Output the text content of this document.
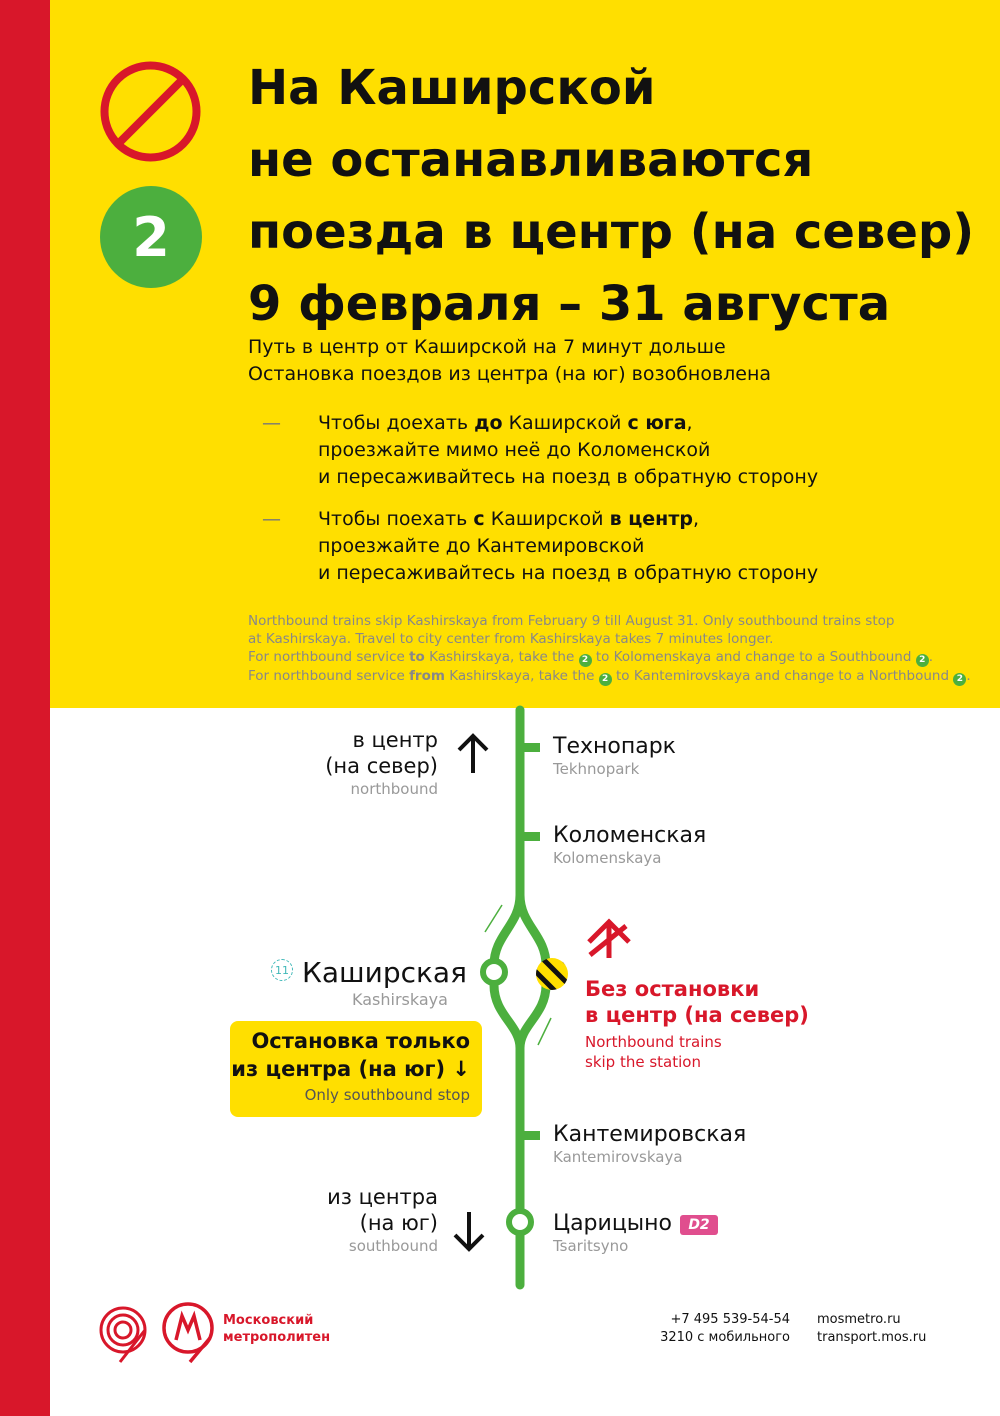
2
На Каширской
не останавливаются
поезда в центр (на север)
9 февраля – 31 августа
Путь в центр от Каширской на 7 минут дольше
Остановка поездов из центра (на юг) возобновлена
— Чтобы доехать до Каширской с юга,
проезжайте мимо неё до Коломенской
и пересаживайтесь на поезд в обратную сторону
— Чтобы поехать с Каширской в центр,
проезжайте до Кантемировской
и пересаживайтесь на поезд в обратную сторону
Northbound trains skip Kashirskaya from February 9 till August 31. Only southbound trains stop
at Kashirskaya. Travel to city center from Kashirskaya takes 7 minutes longer.
For northbound service to Kashirskaya, take the 2 to Kolomenskaya and change to a Southbound 2 .
For northbound service from Kashirskaya, take the 2 to Kantemirovskaya and change to a Northbound 2 .
в центр
(на север)
northbound
из центра
(на юг)
southbound
Технопарк
Tekhnopark
Коломенская
Kolomenskaya
Кантемировская
Kantemirovskaya
Царицыно
Tsaritsyno
D2
11 Каширская
Kashirskaya
Остановка только
из центра (на юг) ↓
Only southbound stop
Без остановки
в центр (на север)
Northbound trains
skip the station
Московский
метрополитен
+7 495 539-54-54
3210 с мобильного
mosmetro.ru
transport.mos.ru
